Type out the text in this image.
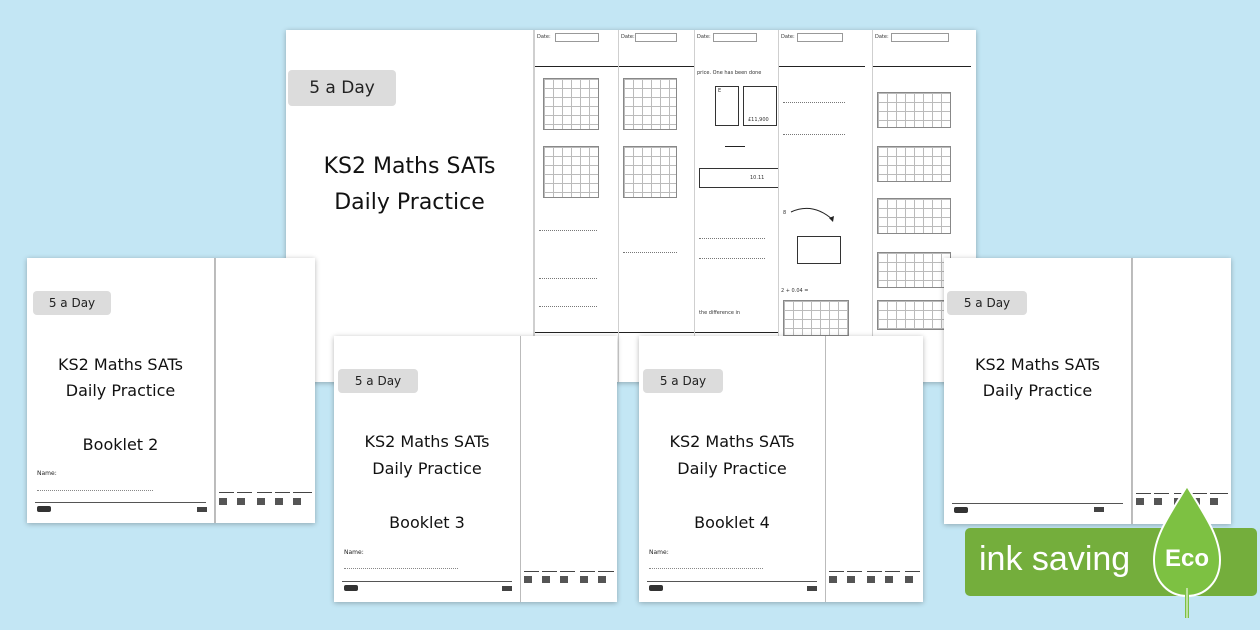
Date:	Date:	Date:
price. One has been done
E
£11,900
10.11
the difference in
Date:
8
2 + 0.04 =
Date:
5 a Day
KS2 Maths SATs
Daily Practice
5 a Day
KS2 Maths SATs
Daily Practice
Booklet 2
Name:
5 a Day
KS2 Maths SATs
Daily Practice
Booklet 3
Name:
5 a Day
KS2 Maths SATs
Daily Practice
Booklet 4
Name:
5 a Day
KS2 Maths SATs
Daily Practice
ink saving Eco
